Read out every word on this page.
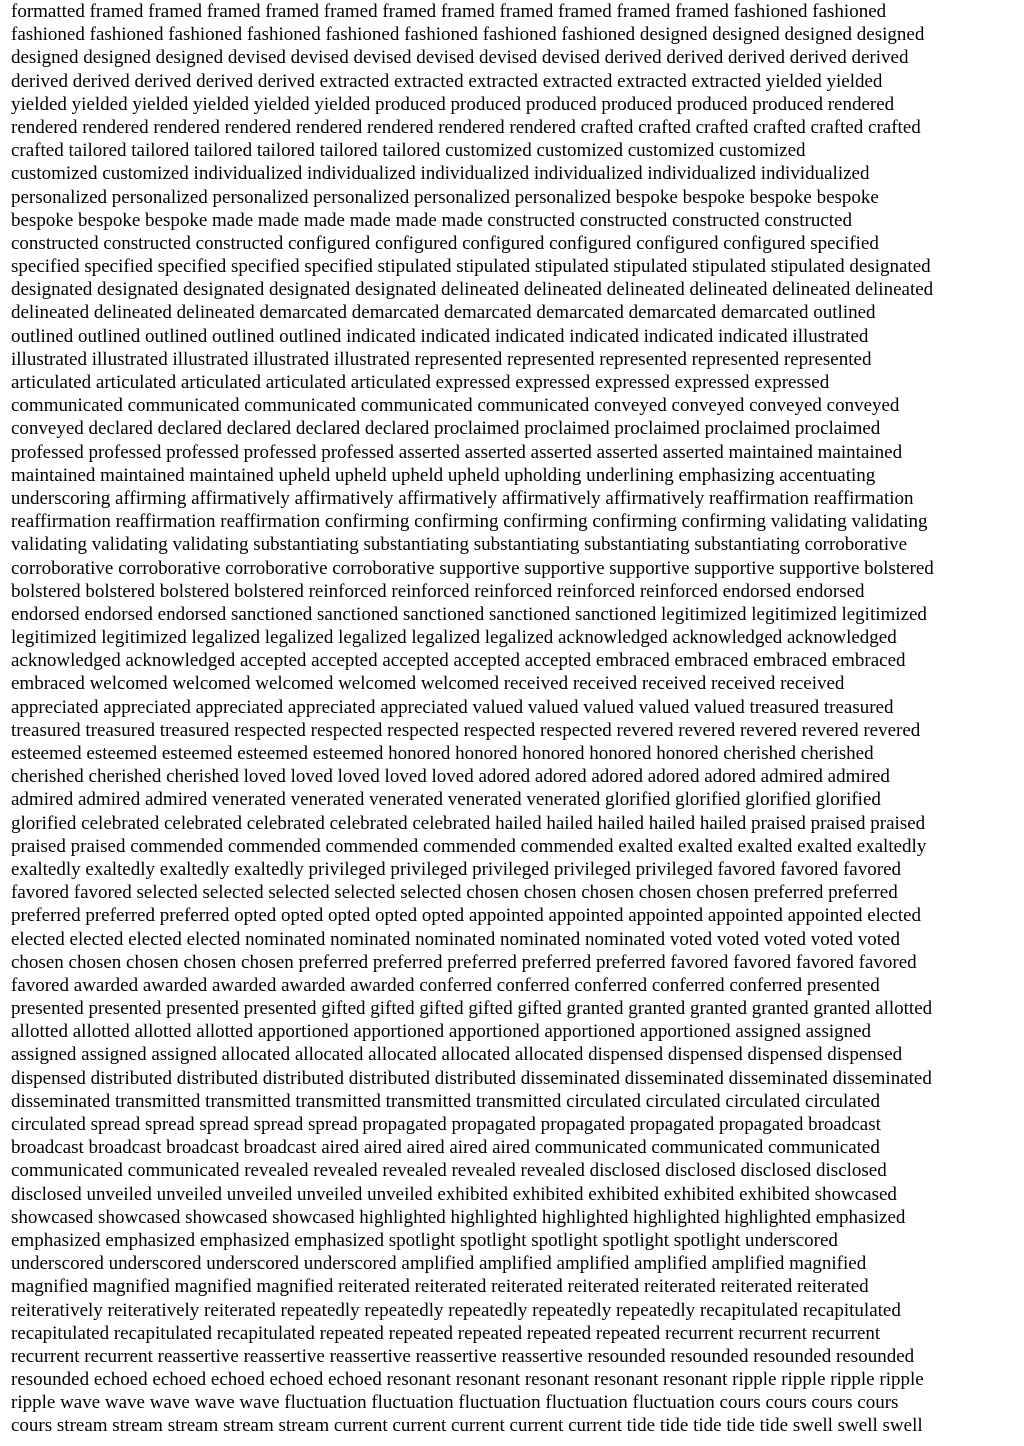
formatted framed framed framed framed framed framed framed framed framed framed framed fashioned fashioned
fashioned fashioned fashioned fashioned fashioned fashioned fashioned fashioned designed designed designed designed
designed designed designed devised devised devised devised devised devised derived derived derived derived derived
derived derived derived derived derived extracted extracted extracted extracted extracted extracted yielded yielded
yielded yielded yielded yielded yielded yielded produced produced produced produced produced produced rendered
rendered rendered rendered rendered rendered rendered rendered rendered crafted crafted crafted crafted crafted crafted
crafted tailored tailored tailored tailored tailored tailored customized customized customized customized
customized customized individualized individualized individualized individualized individualized individualized
personalized personalized personalized personalized personalized personalized bespoke bespoke bespoke bespoke
bespoke bespoke bespoke made made made made made made constructed constructed constructed constructed
constructed constructed constructed configured configured configured configured configured configured specified
specified specified specified specified specified stipulated stipulated stipulated stipulated stipulated stipulated designated
designated designated designated designated designated delineated delineated delineated delineated delineated delineated
delineated delineated delineated demarcated demarcated demarcated demarcated demarcated demarcated outlined
outlined outlined outlined outlined outlined indicated indicated indicated indicated indicated indicated illustrated
illustrated illustrated illustrated illustrated illustrated represented represented represented represented represented
articulated articulated articulated articulated articulated expressed expressed expressed expressed expressed
communicated communicated communicated communicated communicated conveyed conveyed conveyed conveyed
conveyed declared declared declared declared declared proclaimed proclaimed proclaimed proclaimed proclaimed
professed professed professed professed professed asserted asserted asserted asserted asserted maintained maintained
maintained maintained maintained upheld upheld upheld upheld upholding underlining emphasizing accentuating
underscoring affirming affirmatively affirmatively affirmatively affirmatively affirmatively reaffirmation reaffirmation
reaffirmation reaffirmation reaffirmation confirming confirming confirming confirming confirming validating validating
validating validating validating substantiating substantiating substantiating substantiating substantiating corroborative
corroborative corroborative corroborative corroborative supportive supportive supportive supportive supportive bolstered
bolstered bolstered bolstered bolstered reinforced reinforced reinforced reinforced reinforced endorsed endorsed
endorsed endorsed endorsed sanctioned sanctioned sanctioned sanctioned sanctioned legitimized legitimized legitimized
legitimized legitimized legalized legalized legalized legalized legalized acknowledged acknowledged acknowledged
acknowledged acknowledged accepted accepted accepted accepted accepted embraced embraced embraced embraced
embraced welcomed welcomed welcomed welcomed welcomed received received received received received
appreciated appreciated appreciated appreciated appreciated valued valued valued valued valued treasured treasured
treasured treasured treasured respected respected respected respected respected revered revered revered revered revered
esteemed esteemed esteemed esteemed esteemed honored honored honored honored honored cherished cherished
cherished cherished cherished loved loved loved loved loved adored adored adored adored adored admired admired
admired admired admired venerated venerated venerated venerated venerated glorified glorified glorified glorified
glorified celebrated celebrated celebrated celebrated celebrated hailed hailed hailed hailed hailed praised praised praised
praised praised commended commended commended commended commended exalted exalted exalted exalted exaltedly
exaltedly exaltedly exaltedly exaltedly privileged privileged privileged privileged privileged favored favored favored
favored favored selected selected selected selected selected chosen chosen chosen chosen chosen preferred preferred
preferred preferred preferred opted opted opted opted opted appointed appointed appointed appointed appointed elected
elected elected elected elected nominated nominated nominated nominated nominated voted voted voted voted voted
chosen chosen chosen chosen chosen preferred preferred preferred preferred preferred favored favored favored favored
favored awarded awarded awarded awarded awarded conferred conferred conferred conferred conferred presented
presented presented presented presented gifted gifted gifted gifted gifted granted granted granted granted granted allotted
allotted allotted allotted allotted apportioned apportioned apportioned apportioned apportioned assigned assigned
assigned assigned assigned allocated allocated allocated allocated allocated dispensed dispensed dispensed dispensed
dispensed distributed distributed distributed distributed distributed disseminated disseminated disseminated disseminated
disseminated transmitted transmitted transmitted transmitted transmitted circulated circulated circulated circulated
circulated spread spread spread spread spread propagated propagated propagated propagated propagated broadcast
broadcast broadcast broadcast broadcast aired aired aired aired aired communicated communicated communicated
communicated communicated revealed revealed revealed revealed revealed disclosed disclosed disclosed disclosed
disclosed unveiled unveiled unveiled unveiled unveiled exhibited exhibited exhibited exhibited exhibited showcased
showcased showcased showcased showcased highlighted highlighted highlighted highlighted highlighted emphasized
emphasized emphasized emphasized emphasized spotlight spotlight spotlight spotlight spotlight underscored
underscored underscored underscored underscored amplified amplified amplified amplified amplified magnified
magnified magnified magnified magnified reiterated reiterated reiterated reiterated reiterated reiterated reiterated
reiteratively reiteratively reiterated repeatedly repeatedly repeatedly repeatedly repeatedly recapitulated recapitulated
recapitulated recapitulated recapitulated repeated repeated repeated repeated repeated recurrent recurrent recurrent
recurrent recurrent reassertive reassertive reassertive reassertive reassertive resounded resounded resounded resounded
resounded echoed echoed echoed echoed echoed resonant resonant resonant resonant resonant ripple ripple ripple ripple
ripple wave wave wave wave wave fluctuation fluctuation fluctuation fluctuation fluctuation cours cours cours cours
cours stream stream stream stream stream current current current current current tide tide tide tide tide swell swell swell
